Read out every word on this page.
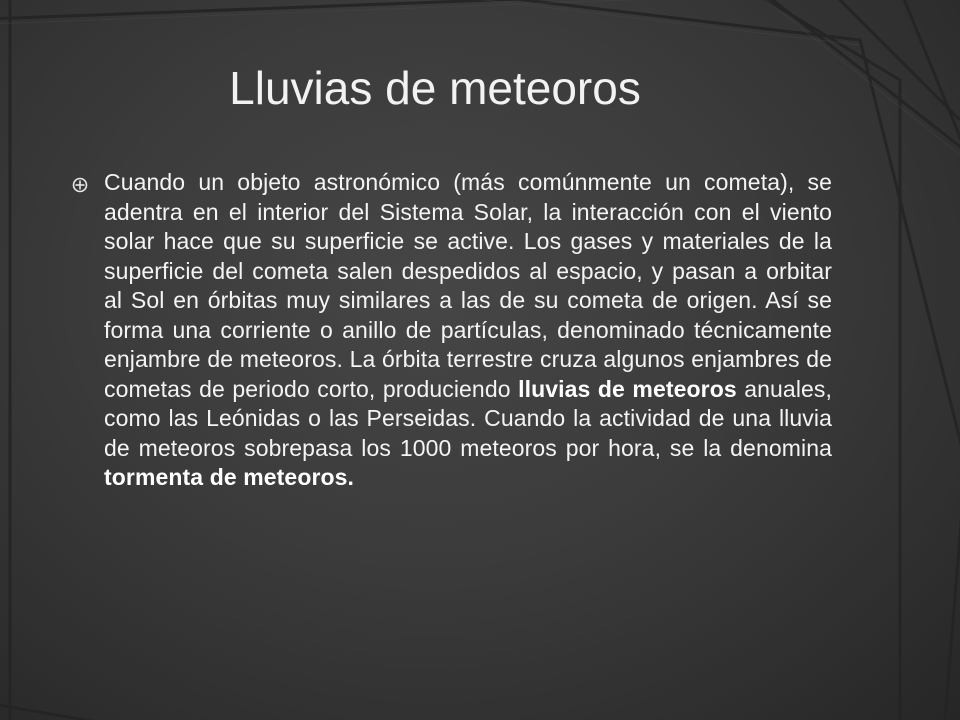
Lluvias de meteoros
Cuando un objeto astronómico (más comúnmente un cometa), se adentra en el interior del Sistema Solar, la interacción con el viento solar hace que su superficie se active. Los gases y materiales de la superficie del cometa salen despedidos al espacio, y pasan a orbitar al Sol en órbitas muy similares a las de su cometa de origen. Así se forma una corriente o anillo de partículas, denominado técnicamente enjambre de meteoros. La órbita terrestre cruza algunos enjambres de cometas de periodo corto, produciendo lluvias de meteoros anuales, como las Leónidas o las Perseidas. Cuando la actividad de una lluvia de meteoros sobrepasa los 1000 meteoros por hora, se la denomina tormenta de meteoros.
